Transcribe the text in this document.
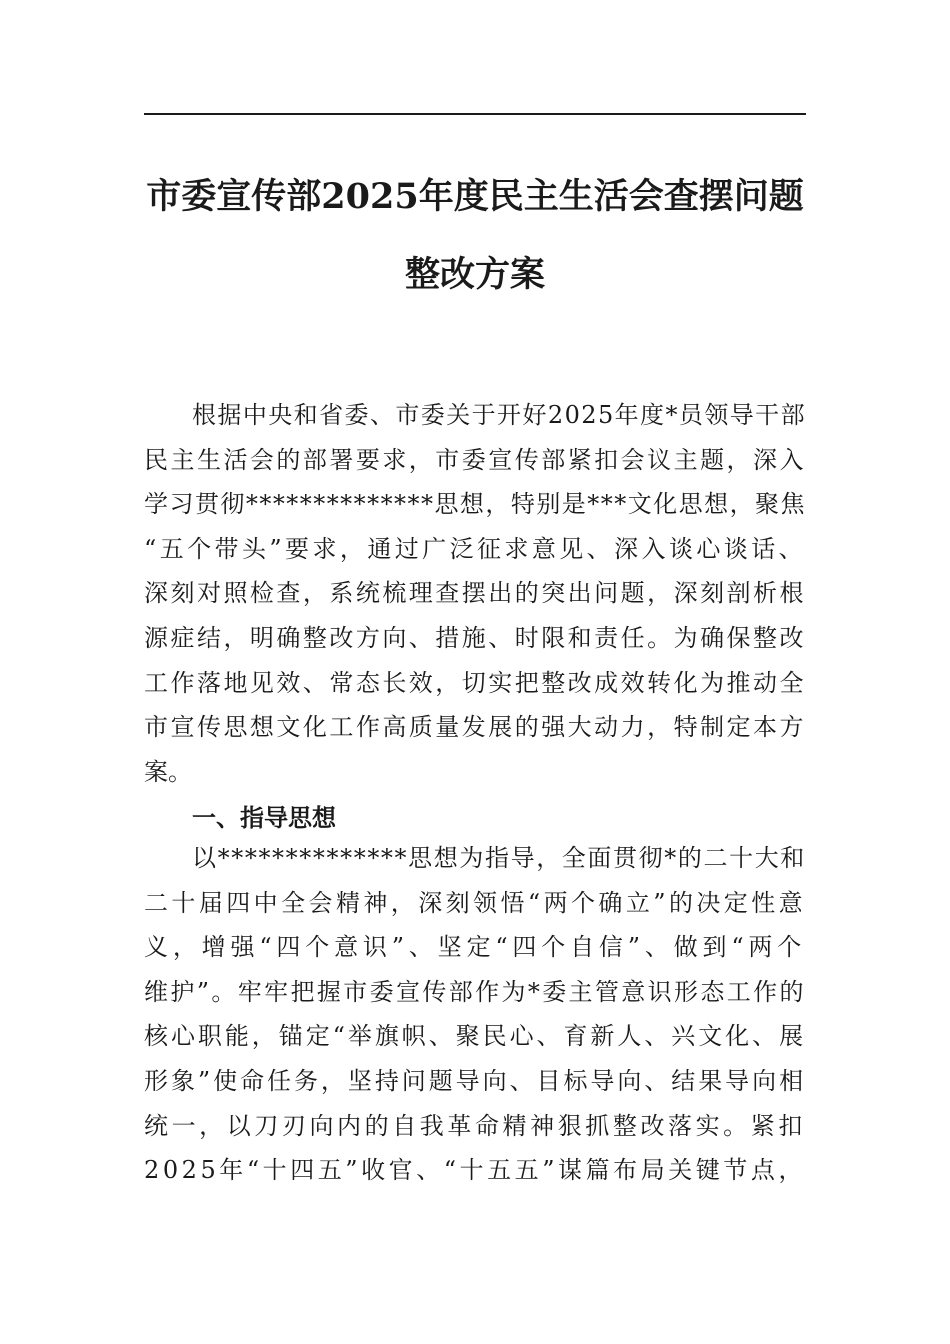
市委宣传部2025年度民主生活会查摆问题
整改方案
根据中央和省委、市委关于开好2025年度*员领导干部
民主生活会的部署要求，市委宣传部紧扣会议主题，深入
学习贯彻**************思想，特别是***文化思想，聚焦
“五个带头”要求，通过广泛征求意见、深入谈心谈话、
深刻对照检查，系统梳理查摆出的突出问题，深刻剖析根
源症结，明确整改方向、措施、时限和责任。为确保整改
工作落地见效、常态长效，切实把整改成效转化为推动全
市宣传思想文化工作高质量发展的强大动力，特制定本方
案。
一、指导思想
以**************思想为指导，全面贯彻*的二十大和
二十届四中全会精神，深刻领悟“两个确立”的决定性意
义，增强“四个意识”、坚定“四个自信”、做到“两个
维护”。牢牢把握市委宣传部作为*委主管意识形态工作的
核心职能，锚定“举旗帜、聚民心、育新人、兴文化、展
形象”使命任务，坚持问题导向、目标导向、结果导向相
统一，以刀刃向内的自我革命精神狠抓整改落实。紧扣
2025年“十四五”收官、“十五五”谋篇布局关键节点，
